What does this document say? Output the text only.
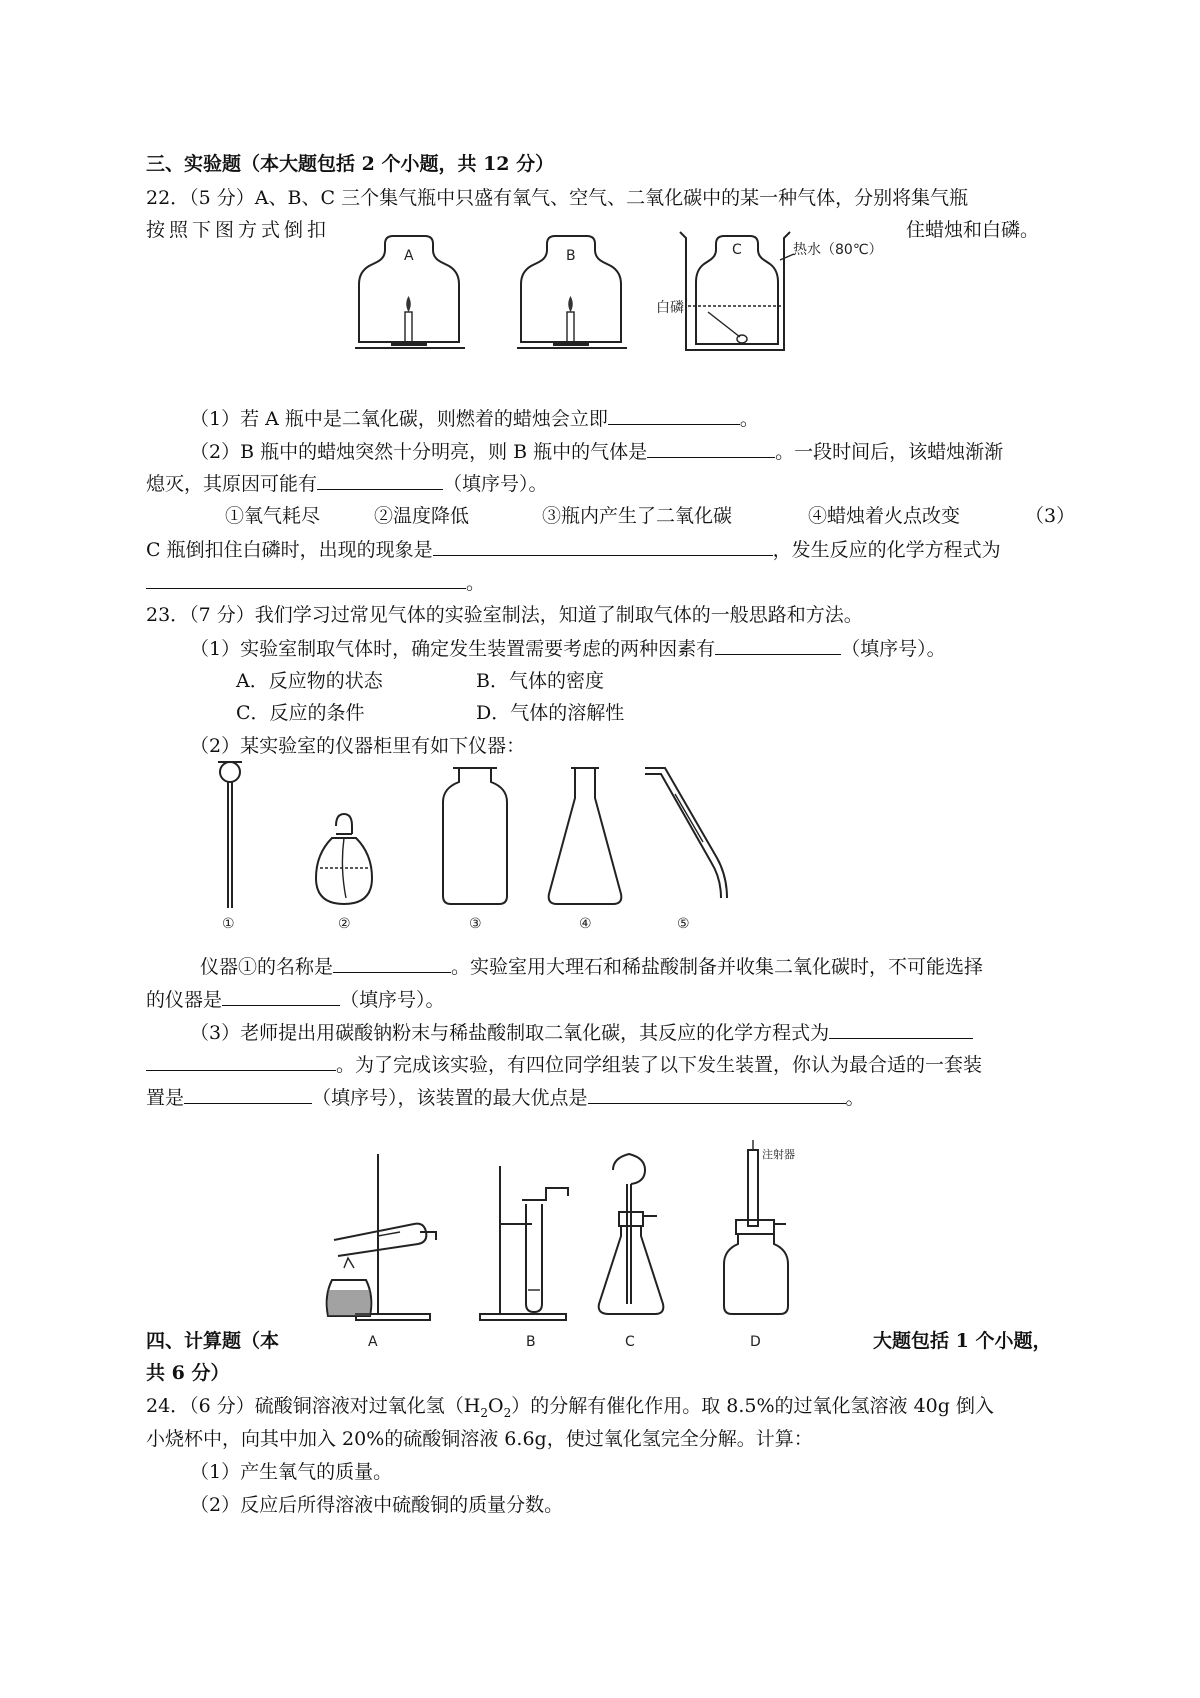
三、实验题（本大题包括 2 个小题，共 12 分）
22．（5 分）A、B、C 三个集气瓶中只盛有氧气、空气、二氧化碳中的某一种气体，分别将集气瓶
按照下图方式倒扣	住蜡烛和白磷。
A	B	C	热水（80℃）
白磷
（1）若 A 瓶中是二氧化碳，则燃着的蜡烛会立即	。
（2）B 瓶中的蜡烛突然十分明亮，则 B 瓶中的气体是	。一段时间后，该蜡烛渐渐
熄灭，其原因可能有	（填序号）。
①氧气耗尽	②温度降低	③瓶内产生了二氧化碳	④蜡烛着火点改变	（3）
C 瓶倒扣住白磷时，出现的现象是	，发生反应的化学方程式为
。
23．（7 分）我们学习过常见气体的实验室制法，知道了制取气体的一般思路和方法。
（1）实验室制取气体时，确定发生装置需要考虑的两种因素有	（填序号）。
A．反应物的状态	B．气体的密度
C．反应的条件	D．气体的溶解性
（2）某实验室的仪器柜里有如下仪器：
①	②	③	④	⑤
仪器①的名称是	。实验室用大理石和稀盐酸制备并收集二氧化碳时，不可能选择
的仪器是	（填序号）。
（3）老师提出用碳酸钠粉末与稀盐酸制取二氧化碳，其反应的化学方程式为
。为了完成该实验，有四位同学组装了以下发生装置，你认为最合适的一套装
置是	（填序号），该装置的最大优点是	。
A	B	C
注射器
D
四、计算题（本	大题包括 1 个小题，
共 6 分）
24．（6 分）硫酸铜溶液对过氧化氢$(H_2O_2)$的分解有催化作用。取 8.5%的过氧化氢溶液 40g 倒入
小烧杯中，向其中加入 20%的硫酸铜溶液 6.6g，使过氧化氢完全分解。计算：
（1）产生氧气的质量。
（2）反应后所得溶液中硫酸铜的质量分数。
